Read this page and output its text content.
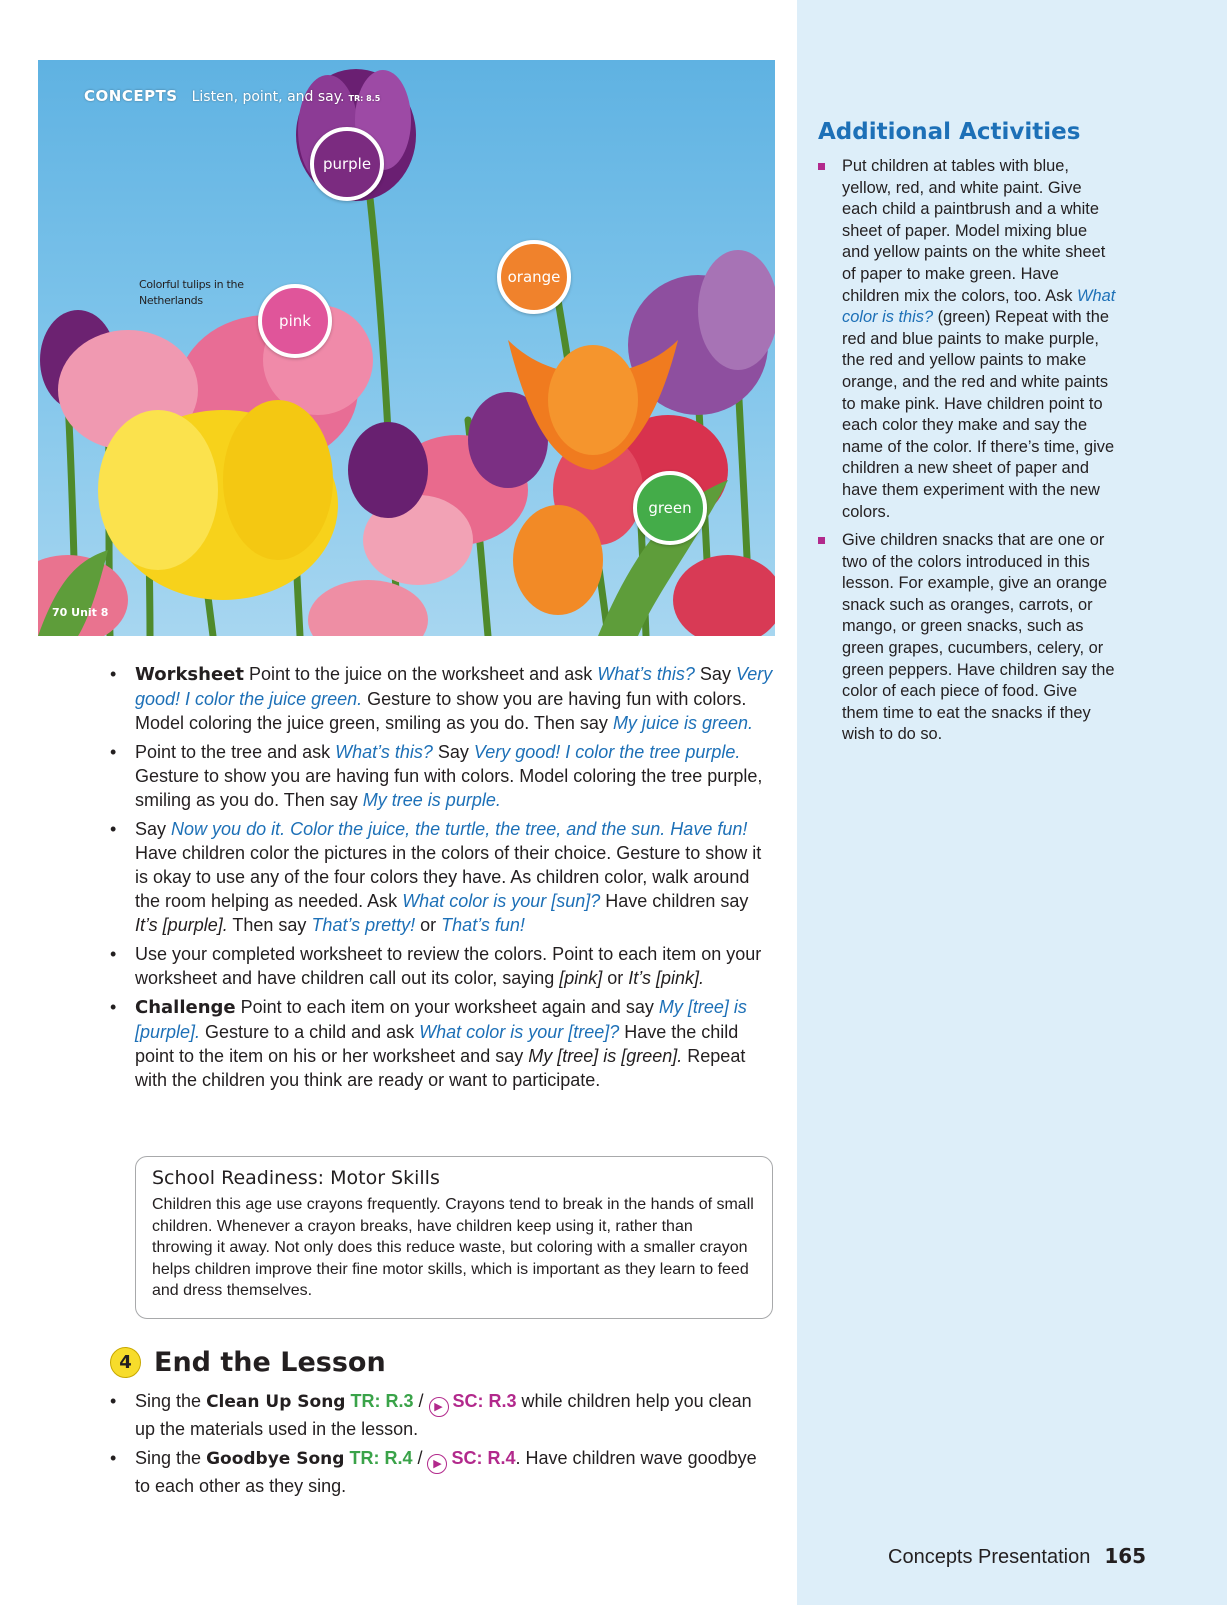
CONCEPTS Listen, point, and say. TR: 8.5
Colorful tulips in the Netherlands
70 Unit 8
purple
orange
pink
green
• Worksheet Point to the juice on the worksheet and ask What’s this? Say Very good! I color the juice green. Gesture to show you are having fun with colors. Model coloring the juice green, smiling as you do. Then say My juice is green.
• Point to the tree and ask What’s this? Say Very good! I color the tree purple. Gesture to show you are having fun with colors. Model coloring the tree purple, smiling as you do. Then say My tree is purple.
• Say Now you do it. Color the juice, the turtle, the tree, and the sun. Have fun! Have children color the pictures in the colors of their choice. Gesture to show it is okay to use any of the four colors they have. As children color, walk around the room helping as needed. Ask What color is your [sun]? Have children say It’s [purple]. Then say That’s pretty! or That’s fun!
• Use your completed worksheet to review the colors. Point to each item on your worksheet and have children call out its color, saying [pink] or It’s [pink].
• Challenge Point to each item on your worksheet again and say My [tree] is [purple]. Gesture to a child and ask What color is your [tree]? Have the child point to the item on his or her worksheet and say My [tree] is [green]. Repeat with the children you think are ready or want to participate.
School Readiness: Motor Skills

Children this age use crayons frequently. Crayons tend to break in the hands of small children. Whenever a crayon breaks, have children keep using it, rather than throwing it away. Not only does this reduce waste, but coloring with a smaller crayon helps children improve their fine motor skills, which is important as they learn to feed and dress themselves.

4 End the Lesson
• Sing the Clean Up Song TR: R.3 / ▶ SC: R.3 while children help you clean up the materials used in the lesson.
• Sing the Goodbye Song TR: R.4 / ▶ SC: R.4. Have children wave goodbye to each other as they sing.
Additional Activities
Put children at tables with blue, yellow, red, and white paint. Give each child a paintbrush and a white sheet of paper. Model mixing blue and yellow paints on the white sheet of paper to make green. Have children mix the colors, too. Ask What color is this? (green) Repeat with the red and blue paints to make purple, the red and yellow paints to make orange, and the red and white paints to make pink. Have children point to each color they make and say the name of the color. If there’s time, give children a new sheet of paper and have them experiment with the new colors.
Give children snacks that are one or two of the colors introduced in this lesson. For example, give an orange snack such as oranges, carrots, or mango, or green snacks, such as green grapes, cucumbers, celery, or green peppers. Have children say the color of each piece of food. Give them time to eat the snacks if they wish to do so.
Concepts Presentation 165
